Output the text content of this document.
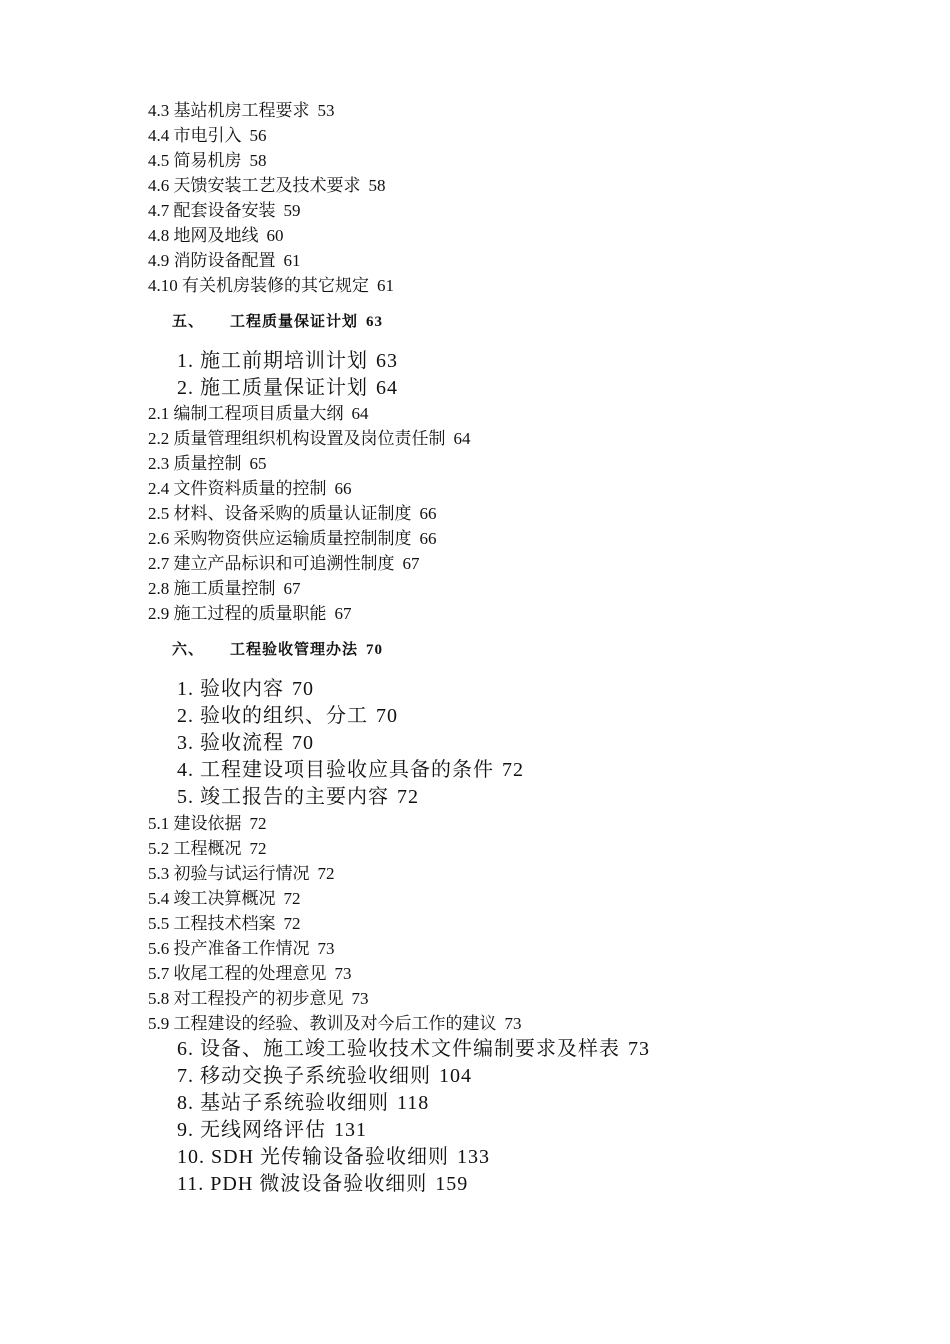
4.3 基站机房工程要求 53
4.4 市电引入 56
4.5 简易机房 58
4.6 天馈安装工艺及技术要求 58
4.7 配套设备安装 59
4.8 地网及地线 60
4.9 消防设备配置 61
4.10 有关机房装修的其它规定 61
五、 工程质量保证计划 63
1. 施工前期培训计划 63
2. 施工质量保证计划 64
2.1 编制工程项目质量大纲 64
2.2 质量管理组织机构设置及岗位责任制 64
2.3 质量控制 65
2.4 文件资料质量的控制 66
2.5 材料、设备采购的质量认证制度 66
2.6 采购物资供应运输质量控制制度 66
2.7 建立产品标识和可追溯性制度 67
2.8 施工质量控制 67
2.9 施工过程的质量职能 67
六、 工程验收管理办法 70
1. 验收内容 70
2. 验收的组织、分工 70
3. 验收流程 70
4. 工程建设项目验收应具备的条件 72
5. 竣工报告的主要内容 72
5.1 建设依据 72
5.2 工程概况 72
5.3 初验与试运行情况 72
5.4 竣工决算概况 72
5.5 工程技术档案 72
5.6 投产准备工作情况 73
5.7 收尾工程的处理意见 73
5.8 对工程投产的初步意见 73
5.9 工程建设的经验、教训及对今后工作的建议 73
6. 设备、施工竣工验收技术文件编制要求及样表 73
7. 移动交换子系统验收细则 104
8. 基站子系统验收细则 118
9. 无线网络评估 131
10. SDH 光传输设备验收细则 133
11. PDH 微波设备验收细则 159
